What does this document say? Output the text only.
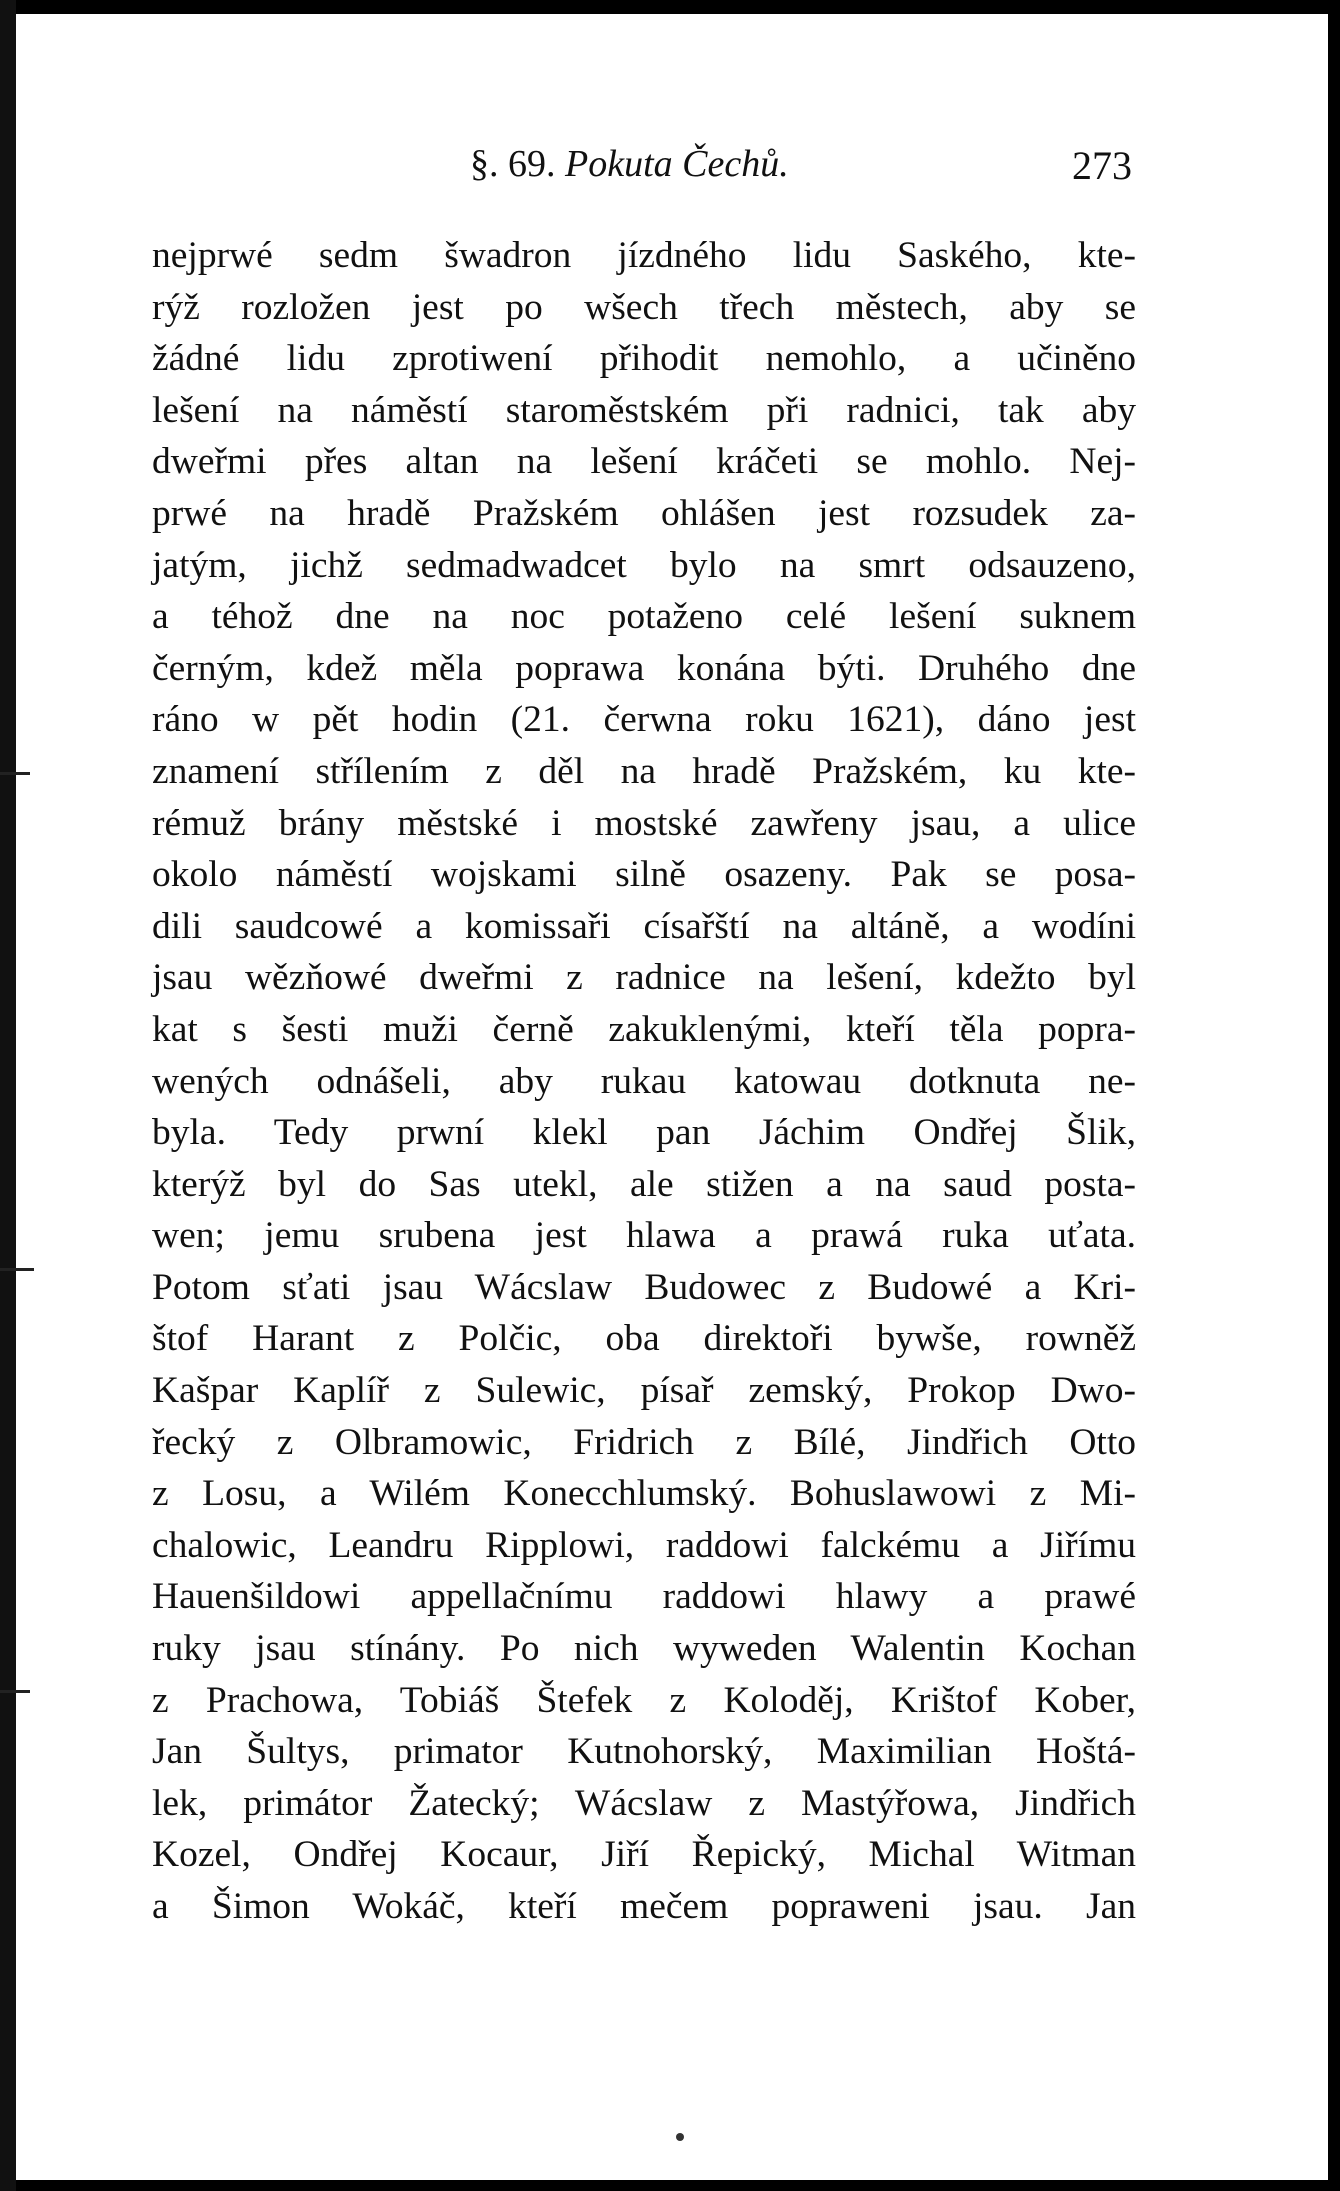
§. 69. Pokuta Čechů.	273
nejprwé sedm šwadron jízdného lidu Saského, kte-
rýž rozložen jest po wšech třech městech, aby se
žádné lidu zprotiwení přihodit nemohlo, a učiněno
lešení na náměstí staroměstském při radnici, tak aby
dweřmi přes altan na lešení kráčeti se mohlo. Nej-
prwé na hradě Pražském ohlášen jest rozsudek za-
jatým, jichž sedmadwadcet bylo na smrt odsauzeno,
a téhož dne na noc potaženo celé lešení suknem
černým, kdež měla poprawa konána býti. Druhého dne
ráno w pět hodin (21. čerwna roku 1621), dáno jest
znamení střílením z děl na hradě Pražském, ku kte-
rémuž brány městské i mostské zawřeny jsau, a ulice
okolo náměstí wojskami silně osazeny. Pak se posa-
dili saudcowé a komissaři císařští na altáně, a wodíni
jsau wězňowé dweřmi z radnice na lešení, kdežto byl
kat s šesti muži černě zakuklenými, kteří těla popra-
wených odnášeli, aby rukau katowau dotknuta ne-
byla. Tedy prwní klekl pan Jáchim Ondřej Šlik,
kterýž byl do Sas utekl, ale stižen a na saud posta-
wen; jemu srubena jest hlawa a prawá ruka uťata.
Potom sťati jsau Wácslaw Budowec z Budowé a Kri-
štof Harant z Polčic, oba direktoři bywše, rowněž
Kašpar Kaplíř z Sulewic, písař zemský, Prokop Dwo-
řecký z Olbramowic, Fridrich z Bílé, Jindřich Otto
z Losu, a Wilém Konecchlumský. Bohuslawowi z Mi-
chalowic, Leandru Ripplowi, raddowi falckému a Jiřímu
Hauenšildowi appellačnímu raddowi hlawy a prawé
ruky jsau stínány. Po nich wyweden Walentin Kochan
z Prachowa, Tobiáš Štefek z Koloděj, Krištof Kober,
Jan Šultys, primator Kutnohorský, Maximilian Hoštá-
lek, primátor Žatecký; Wácslaw z Mastýřowa, Jindřich
Kozel, Ondřej Kocaur, Jiří Řepický, Michal Witman
a Šimon Wokáč, kteří mečem popraweni jsau. Jan
